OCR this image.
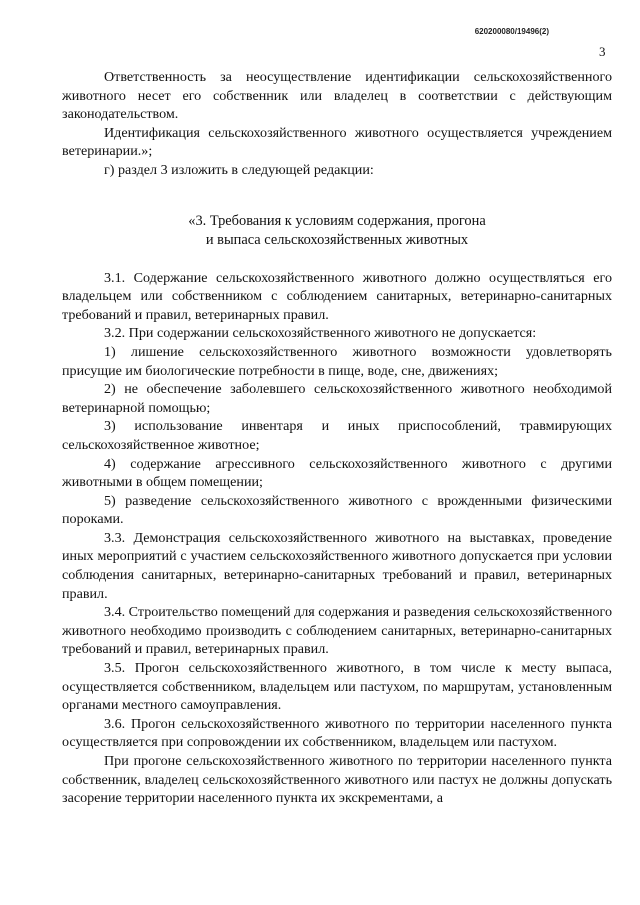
620200080/19496(2)
3

Ответственность за неосуществление идентификации сельскохозяйственного животного несет его собственник или владелец в соответствии с действующим законодательством.

Идентификация сельскохозяйственного животного осуществляется учреждением ветеринарии.»;

г) раздел 3 изложить в следующей редакции:

«3. Требования к условиям содержания, прогона
и выпаса сельскохозяйственных животных

3.1. Содержание сельскохозяйственного животного должно осуществляться его владельцем или собственником с соблюдением санитарных, ветеринарно-санитарных требований и правил, ветеринарных правил.

3.2. При содержании сельскохозяйственного животного не допускается:

1) лишение сельскохозяйственного животного возможности удовлетворять присущие им биологические потребности в пище, воде, сне, движениях;

2) не обеспечение заболевшего сельскохозяйственного животного необходимой ветеринарной помощью;

3) использование инвентаря и иных приспособлений, травмирующих сельскохозяйственное животное;

4) содержание агрессивного сельскохозяйственного животного с другими животными в общем помещении;

5) разведение сельскохозяйственного животного с врожденными физическими пороками.

3.3. Демонстрация сельскохозяйственного животного на выставках, проведение иных мероприятий с участием сельскохозяйственного животного допускается при условии соблюдения санитарных, ветеринарно-санитарных требований и правил, ветеринарных правил.

3.4. Строительство помещений для содержания и разведения сельскохозяйственного животного необходимо производить с соблюдением санитарных, ветеринарно-санитарных требований и правил, ветеринарных правил.

3.5. Прогон сельскохозяйственного животного, в том числе к месту выпаса, осуществляется собственником, владельцем или пастухом, по маршрутам, установленным органами местного самоуправления.

3.6. Прогон сельскохозяйственного животного по территории населенного пункта осуществляется при сопровождении их собственником, владельцем или пастухом.

При прогоне сельскохозяйственного животного по территории населенного пункта собственник, владелец сельскохозяйственного животного или пастух не должны допускать засорение территории населенного пункта их экскрементами, а
